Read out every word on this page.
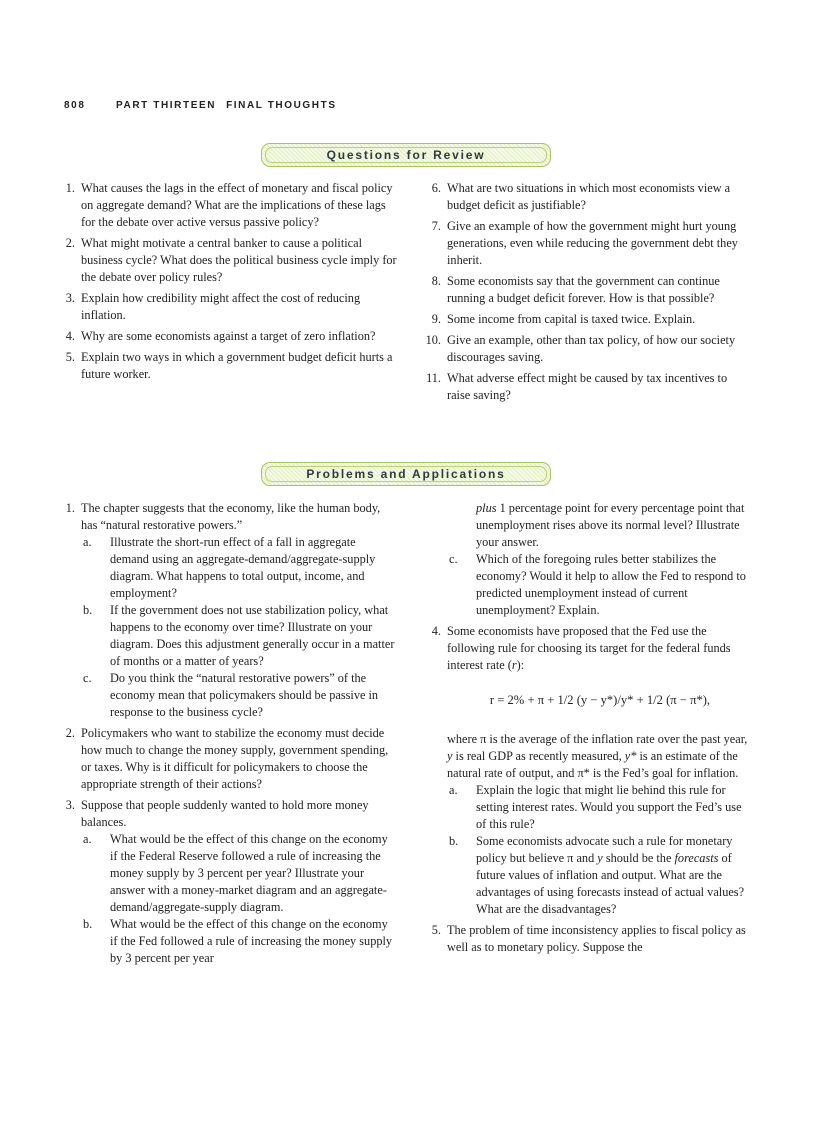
808	PART THIRTEEN FINAL THOUGHTS
Questions for Review
1. What causes the lags in the effect of monetary and fiscal policy on aggregate demand? What are the implications of these lags for the debate over active versus passive policy?
2. What might motivate a central banker to cause a political business cycle? What does the political business cycle imply for the debate over policy rules?
3. Explain how credibility might affect the cost of reducing inflation.
4. Why are some economists against a target of zero inflation?
5. Explain two ways in which a government budget deficit hurts a future worker.
6. What are two situations in which most economists view a budget deficit as justifiable?
7. Give an example of how the government might hurt young generations, even while reducing the government debt they inherit.
8. Some economists say that the government can continue running a budget deficit forever. How is that possible?
9. Some income from capital is taxed twice. Explain.
10. Give an example, other than tax policy, of how our society discourages saving.
11. What adverse effect might be caused by tax incentives to raise saving?
Problems and Applications
1. The chapter suggests that the economy, like the human body, has “natural restorative powers.”
a. Illustrate the short-run effect of a fall in aggregate demand using an aggregate-demand/aggregate-supply diagram. What happens to total output, income, and employment?
b. If the government does not use stabilization policy, what happens to the economy over time? Illustrate on your diagram. Does this adjustment generally occur in a matter of months or a matter of years?
c. Do you think the “natural restorative powers” of the economy mean that policymakers should be passive in response to the business cycle?
2. Policymakers who want to stabilize the economy must decide how much to change the money supply, government spending, or taxes. Why is it difficult for policymakers to choose the appropriate strength of their actions?
3. Suppose that people suddenly wanted to hold more money balances.
a. What would be the effect of this change on the economy if the Federal Reserve followed a rule of increasing the money supply by 3 percent per year? Illustrate your answer with a money-market diagram and an aggregate-demand/aggregate-supply diagram.
b. What would be the effect of this change on the economy if the Fed followed a rule of increasing the money supply by 3 percent per year
plus 1 percentage point for every percentage point that unemployment rises above its normal level? Illustrate your answer.
c. Which of the foregoing rules better stabilizes the economy? Would it help to allow the Fed to respond to predicted unemployment instead of current unemployment? Explain.
4. Some economists have proposed that the Fed use the following rule for choosing its target for the federal funds interest rate (r):
r = 2% + π + 1/2 (y − y*)/y* + 1/2 (π − π*),
where π is the average of the inflation rate over the past year, y is real GDP as recently measured, y* is an estimate of the natural rate of output, and π* is the Fed’s goal for inflation.
a. Explain the logic that might lie behind this rule for setting interest rates. Would you support the Fed’s use of this rule?
b. Some economists advocate such a rule for monetary policy but believe π and y should be the forecasts of future values of inflation and output. What are the advantages of using forecasts instead of actual values? What are the disadvantages?
5. The problem of time inconsistency applies to fiscal policy as well as to monetary policy. Suppose the
